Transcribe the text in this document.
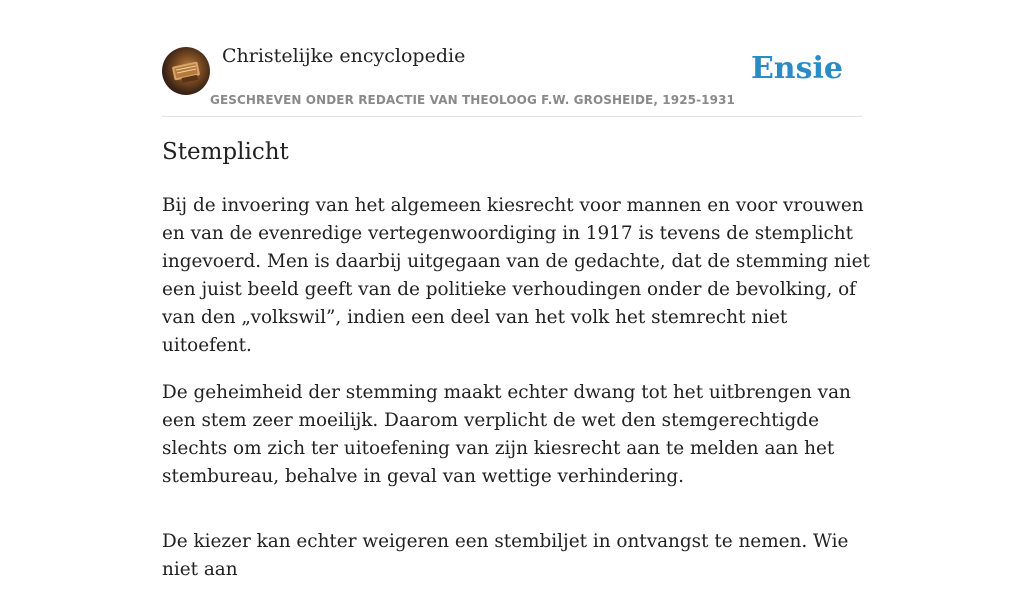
Christelijke encyclopedie
GESCHREVEN ONDER REDACTIE VAN THEOLOOG F.W. GROSHEIDE, 1925-1931
Ensie
Stemplicht

Bij de invoering van het algemeen kiesrecht voor mannen en voor vrouwen en van de evenredige vertegenwoordiging in 1917 is tevens de stemplicht ingevoerd. Men is daarbij uitgegaan van de gedachte, dat de stemming niet een juist beeld geeft van de politieke verhoudingen onder de bevolking, of van den „volkswil”, indien een deel van het volk het stemrecht niet uitoefent.

De geheimheid der stemming maakt echter dwang tot het uitbrengen van een stem zeer moeilijk. Daarom verplicht de wet den stemgerechtigde slechts om zich ter uitoefening van zijn kiesrecht aan te melden aan het stembureau, behalve in geval van wettige verhindering.

De kiezer kan echter weigeren een stembiljet in ontvangst te nemen. Wie niet aan
